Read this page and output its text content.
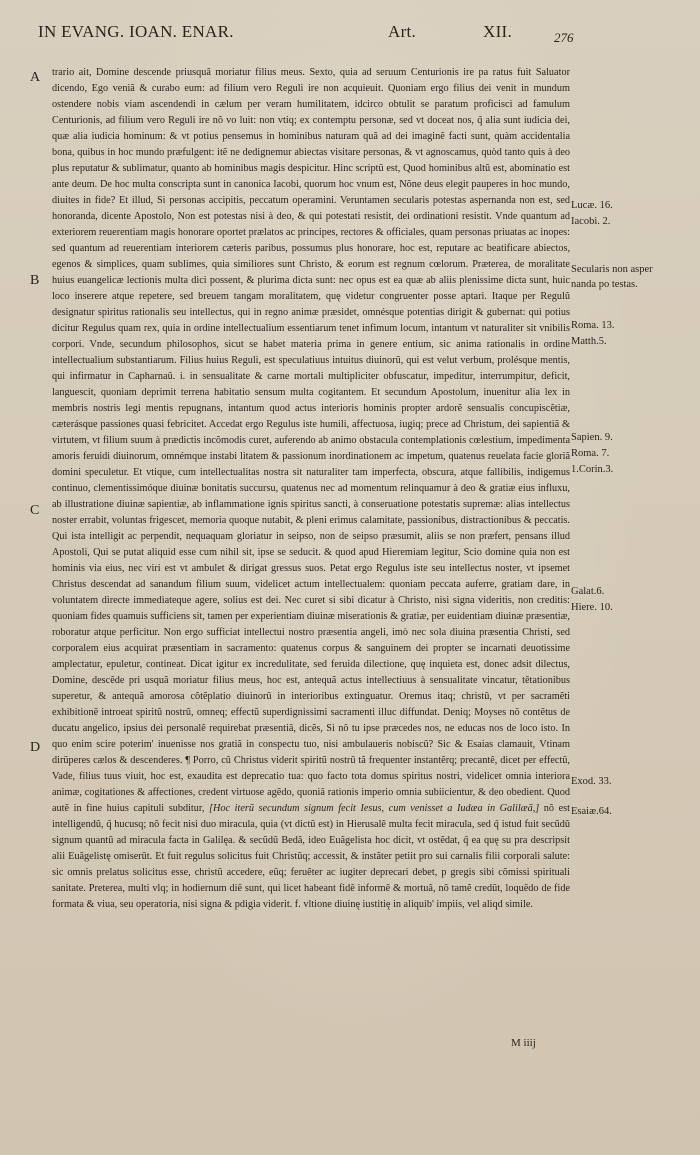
IN EVANG. IOAN. ENAR.	Art.	XII.	276
A
B
C
D
trario ait, Domine descende priusquã moriatur filius meus. Sexto, quia ad seruum Centurionis ire pa ratus fuit Saluator dicendo, Ego veniã & curabo eum: ad filium vero Reguli ire non acquieuit. Quoniam ergo filius dei venit in mundum ostendere nobis viam ascendendi in cælum per veram humilitatem, idcirco obtulit se paratum proficisci ad famulum Centurionis, ad filium vero Reguli ire nõ vo luit: non vtiq; ex contemptu personæ, sed vt doceat nos, q̃ alia sunt iudicia dei, quæ alia iudicia hominum: & vt potius pensemus in hominibus naturam quã ad dei imaginẽ facti sunt, quàm accidentalia bona, quibus in hoc mundo præfulgent: itẽ ne dedignemur abiectas visitare personas, & vt agnoscamus, quòd tanto quis à deo plus reputatur & sublimatur, quanto ab hominibus magis despicitur. Hinc scriptũ est, Quod hominibus altũ est, abominatio est ante deum. De hoc multa conscripta sunt in canonica Iacobi, quorum hoc vnum est, Nõne deus elegit pauperes in hoc mundo, diuites in fide? Et illud, Si personas accipitis, peccatum operamini. Veruntamen secularis potestas aspernanda non est, sed honoranda, dicente Apostolo, Non est potestas nisi à deo, & qui potestati resistit, dei ordinationi resistit. Vnde quantum ad exteriorem reuerentiam magis honorare oportet prælatos ac principes, rectores & officiales, quam personas priuatas ac inopes: sed quantum ad reuerentiam interiorem cæteris paribus, possumus plus honorare, hoc est, reputare ac beatificare abiectos, egenos & simplices, quam sublimes, quia similiores sunt Christo, & eorum est regnum cœlorum. Præterea, de moralitate huius euangelicæ lectionis multa dici possent, & plurima dicta sunt: nec opus est ea quæ ab aliis plenissime dicta sunt, huic loco inserere atque repetere, sed breuem tangam moralitatem, quę videtur congruenter posse aptari. Itaque per Regulũ designatur spiritus rationalis seu intellectus, qui in regno animæ præsidet, omnésque potentias dirigit & gubernat: qui potius dicitur Regulus quam rex, quia in ordine intellectualium essentiarum tenet infimum locum, intantum vt naturaliter sit vnibilis corpori. Vnde, secundum philosophos, sicut se habet materia prima in genere entium, sic anima rationalis in ordine intellectualium substantiarum. Filius huius Reguli, est speculatiuus intuitus diuinorũ, qui est velut verbum, prolésque mentis, qui infirmatur in Capharnaũ. i. in sensualitate & carne mortali multipliciter obfuscatur, impeditur, interrumpitur, deficit, languescit, quoniam deprimit terrena habitatio sensum multa cogitantem. Et secundum Apostolum, inuenitur alia lex in membris nostris legi mentis repugnans, intantum quod actus interioris hominis propter ardorẽ sensualis concupiscẽtiæ, cæterásque passiones quasi febricitet. Accedat ergo Regulus iste humili, affectuosa, iugiq; prece ad Christum, dei sapientiã & virtutem, vt filium suum à prædictis incõmodis curet, auferendo ab animo obstacula contemplationis cœlestium, impedimenta amoris feruidi diuinorum, omnémque instabi litatem & passionum inordinationem ac impetum, quatenus reuelata facie gloriã domini speculetur. Et vtique, cum intellectualitas nostra sit naturaliter tam imperfecta, obscura, atque fallibilis, indigemus continuo, clementissimóque diuinæ bonitatis succursu, quatenus nec ad momentum relinquamur à deo & gratiæ eius influxu, ab illustratione diuinæ sapientiæ, ab inflammatione ignis spiritus sancti, à conseruatione potestatis supremæ: alias intellectus noster errabit, voluntas frigescet, memoria quoque nutabit, & pleni erimus calamitate, passionibus, distractionibus & peccatis. Qui ista intelligit ac perpendit, nequaquam gloriatur in seipso, non de seipso præsumit, aliis se non præfert, pensans illud Apostoli, Qui se putat aliquid esse cum nihil sit, ipse se seducit. & quod apud Hieremiam legitur, Scio domine quia non est hominis via eius, nec viri est vt ambulet & dirigat gressus suos. Petat ergo Regulus iste seu intellectus noster, vt ipsemet Christus descendat ad sanandum filium suum, videlicet actum intellectualem: quoniam peccata auferre, gratiam dare, in voluntatem directe immediateque agere, solius est dei. Nec curet si sibi dicatur à Christo, nisi signa videritis, non creditis: quoniam fides quamuis sufficiens sit, tamen per experientiam diuinæ miserationis & gratiæ, per euidentiam diuinæ præsentiæ, roboratur atque perficitur. Non ergo sufficiat intellectui nostro præsentia angeli, imò nec sola diuina præsentia Christi, sed corporalem eius acquirat præsentiam in sacramento: quatenus corpus & sanguinem dei propter se incarnati deuotissime amplectatur, epuletur, contineat. Dicat igitur ex incredulitate, sed feruida dilectione, quę inquieta est, donec adsit dilectus, Domine, descẽde pri usquã moriatur filius meus, hoc est, antequã actus intellectiuus à sensualitate vincatur, tẽtationibus superetur, & antequã amorosa cõtẽplatio diuinorũ in interioribus extinguatur. Oremus itaq; christũ, vt per sacramẽti exhibitionẽ introeat spiritũ nostrũ, omneq; effectũ superdignissimi sacramenti illuc diffundat. Deniq; Moyses nõ contẽtus de ducatu angelico, ipsius dei personalẽ requirebat præsentiã, dicẽs, Si nõ tu ipse præcedes nos, ne educas nos de loco isto. In quo enim scire poterim' inuenisse nos gratiã in conspectu tuo, nisi ambulaueris nobiscũ? Sic & Esaias clamauit, Vtinam dirũperes cælos & descenderes. ¶ Porro, cũ Christus viderit spiritũ nostrũ tã frequenter instantẽrq; precantẽ, dicet per effectũ, Vade, filius tuus viuit, hoc est, exaudita est deprecatio tua: quo facto tota domus spiritus nostri, videlicet omnia interiora animæ, cogitationes & affectiones, credent virtuose agẽdo, quoniã rationis imperio omnia subiicientur, & deo obedient. Quod autẽ in fine huius capituli subditur, [Hoc iterũ secundum signum fecit Iesus, cum venisset a Iudæa in Galilæã,] nõ est intelligendũ, q̃ hucusq; nõ fecit nisi duo miracula, quia (vt dictũ est) in Hierusalẽ multa fecit miracula, sed q̃ istud fuit secũdũ signum quantũ ad miracula facta in Galilęa. & secũdũ Bedã, ideo Euãgelista hoc dicit, vt ostẽdat, q̃ ea quę su pra descripsit alii Euãgelistę omiserũt. Et fuit regulus solicitus fuit Christũq; accessit, & instãter petiit pro sui carnalis filii corporali salute: sic omnis prelatus solicitus esse, christũ accedere, eũq; feruẽter ac iugiter deprecari debet, p gregis sibi cõmissi spirituali sanitate. Preterea, multi vlq; in hodiernum diẽ sunt, qui licet habeant fidẽ informẽ & mortuã, nõ tamẽ credũt, loquẽdo de fide formata & viua, seu operatoria, nisi signa & pdigia viderit. f. vltione diuinę iustitię in aliquib' impiis, vel aliqd simile.
Lucæ. 16.
Iacobi. 2.
Secularis non asper nanda po testas.
Roma. 13.
Matth.5.
Sapien. 9.
Roma. 7.
1.Corin.3.
Galat.6.
Hiere. 10.
Exod. 33.
Esaiæ.64.
M iiij
